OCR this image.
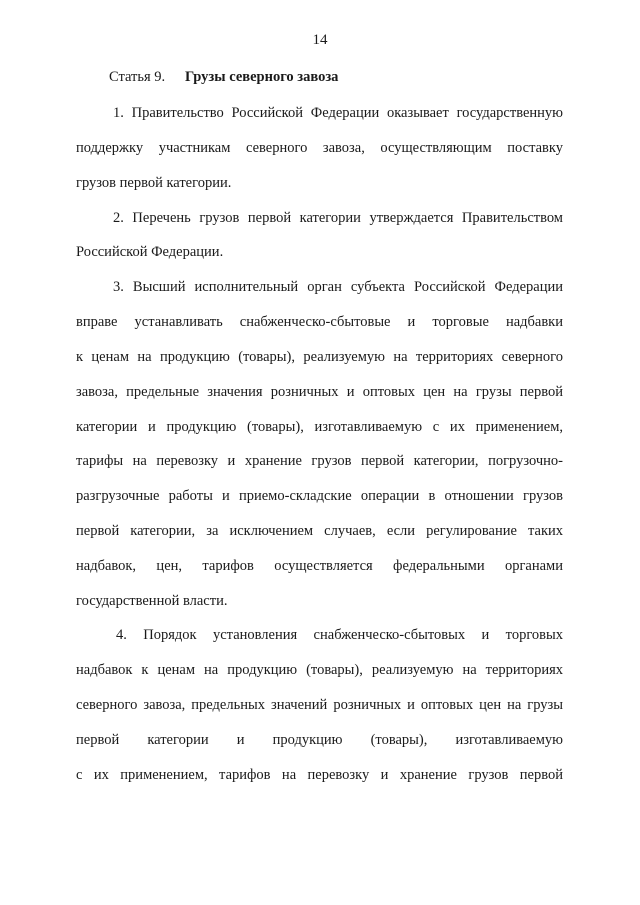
14
Статья 9. Грузы северного завоза
1. Правительство Российской Федерации оказывает государственную
поддержку участникам северного завоза, осуществляющим поставку
грузов первой категории.
2. Перечень грузов первой категории утверждается Правительством
Российской Федерации.
3. Высший исполнительный орган субъекта Российской Федерации
вправе устанавливать снабженческо-сбытовые и торговые надбавки
к ценам на продукцию (товары), реализуемую на территориях северного
завоза, предельные значения розничных и оптовых цен на грузы первой
категории и продукцию (товары), изготавливаемую с их применением,
тарифы на перевозку и хранение грузов первой категории, погрузочно-
разгрузочные работы и приемо-складские операции в отношении грузов
первой категории, за исключением случаев, если регулирование таких
надбавок, цен, тарифов осуществляется федеральными органами
государственной власти.
4. Порядок установления снабженческо-сбытовых и торговых
надбавок к ценам на продукцию (товары), реализуемую на территориях
северного завоза, предельных значений розничных и оптовых цен на грузы
первой категории и продукцию (товары), изготавливаемую
с их применением, тарифов на перевозку и хранение грузов первой
